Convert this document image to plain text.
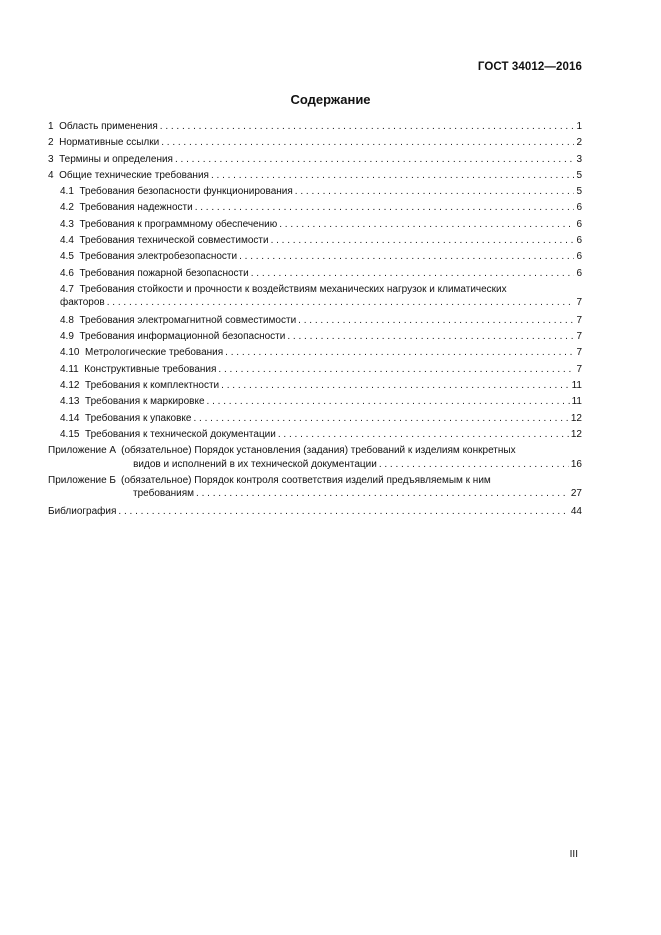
ГОСТ 34012—2016
Содержание
1 Область применения . . .	1
2 Нормативные ссылки . . .	2
3 Термины и определения . . .	3
4 Общие технические требования . . .	5
4.1 Требования безопасности функционирования . . .	5
4.2 Требования надежности . . .	6
4.3 Требования к программному обеспечению . . .	6
4.4 Требования технической совместимости . . .	6
4.5 Требования электробезопасности . . .	6
4.6 Требования пожарной безопасности . . .	6
4.7 Требования стойкости и прочности к воздействиям механических нагрузок и климатических
факторов . . .	7
4.8 Требования электромагнитной совместимости . . .	7
4.9 Требования информационной безопасности . . .	7
4.10 Метрологические требования . . .	7
4.11 Конструктивные требования . . .	7
4.12 Требования к комплектности . . .	11
4.13 Требования к маркировке . . .	11
4.14 Требования к упаковке . . .	12
4.15 Требования к технической документации . . .	12
Приложение А (обязательное) Порядок установления (задания) требований к изделиям конкретных
видов и исполнений в их технической документации . . .	16
Приложение Б (обязательное) Порядок контроля соответствия изделий предъявляемым к ним
требованиям . . .	27
Библиография . . .	44
III
